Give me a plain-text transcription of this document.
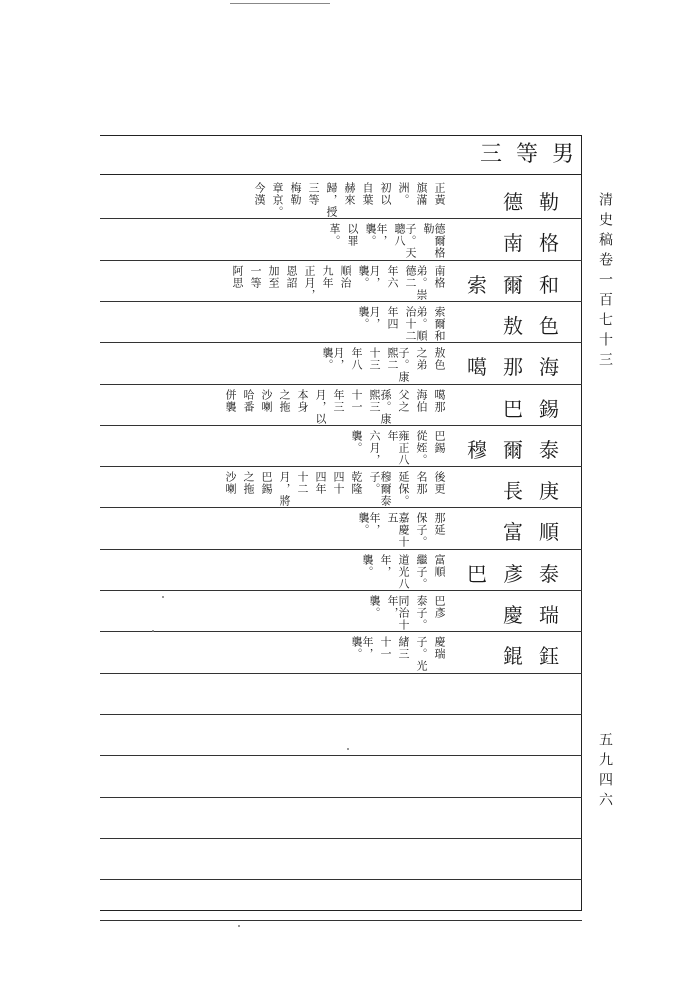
三等男
清史稿卷一百七十三
五九四六
德勒
正黃
旗滿
洲。
初以
自葉
赫來
歸，授
三等
梅勒
章京。
今漢
南格
德爾格勒
子。天聰八
年，襲。
以罪
革。
索爾和
南格
弟。崇德二
年六
月，襲。
順治
九年
正月，
恩詔
加至
一等
阿思
敖色
索爾和
弟。順治十二
年四
月，襲。
噶那海
敖色
之弟
子。康熙二
十三
年八
月，襲。
巴錫
噶那
海伯
父之
孫。康熙三
十一
年三
月，以
本身
之拖
沙喇
哈番
併襲
穆爾泰
巴錫
從姪。
雍正八年
六月，
襲。
長庚
後更
名那
延保。
穆爾泰子。
乾隆
四十
四年
十二
月，將
巴錫
之拖
沙喇
富順
那延
保子。
嘉慶十五
年，襲。
巴彥泰
富順
繼子。
道光八
年，
襲。
慶瑞
巴彥
泰子。
同治十年，
襲。
錕鈺
慶瑞
子。光
緒三
十一
年，襲。
